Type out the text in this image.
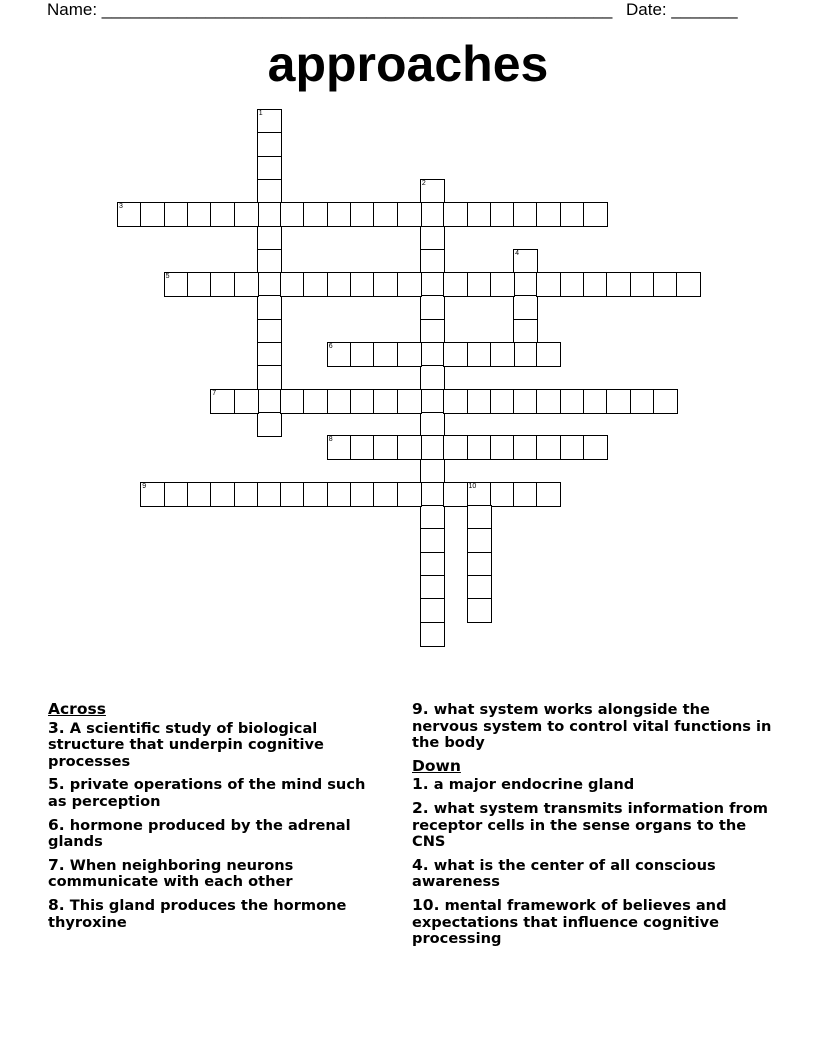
Name: ______________________________________________________ Date: _______
approaches
1
2
3
4
5
6
7
8
9	10
Across
3. A scientific study of biological structure that underpin cognitive processes
5. private operations of the mind such as perception
6. hormone produced by the adrenal glands
7. When neighboring neurons communicate with each other
8. This gland produces the hormone thyroxine
9. what system works alongside the nervous system to control vital functions in the body
Down
1. a major endocrine gland
2. what system transmits information from receptor cells in the sense organs to the CNS
4. what is the center of all conscious awareness
10. mental framework of believes and expectations that influence cognitive processing
